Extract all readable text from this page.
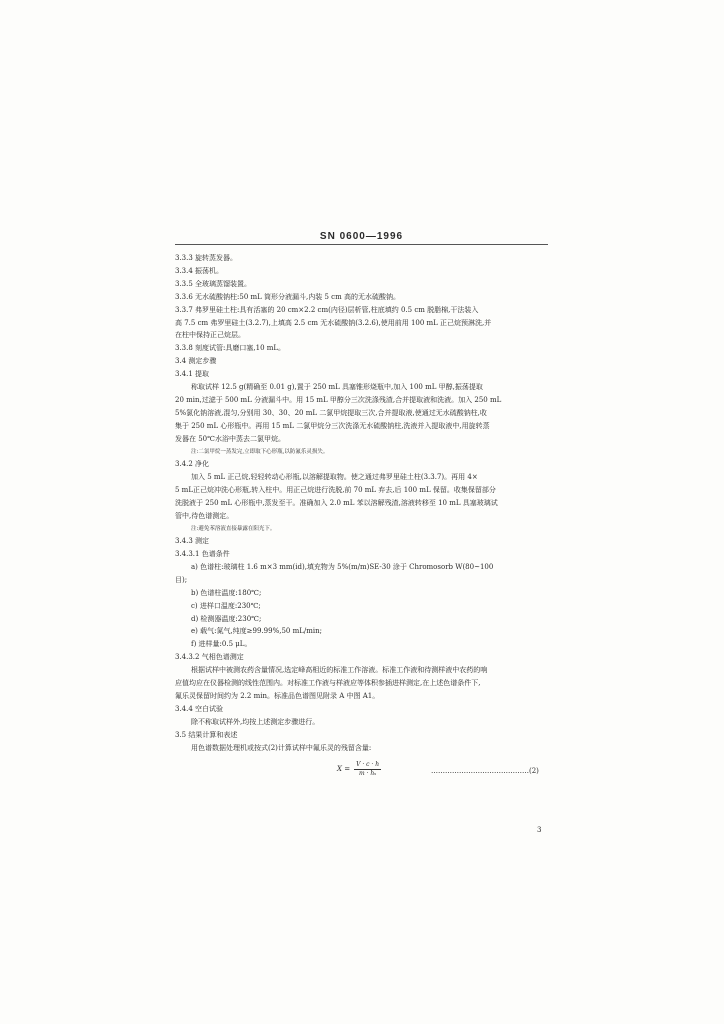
SN 0600—1996
3.3.3 旋转蒸发器。
3.3.4 振荡机。
3.3.5 全玻璃蒸馏装置。
3.3.6 无水硫酸钠柱:50 mL 筒形分液漏斗,内装 5 cm 高的无水硫酸钠。
3.3.7 弗罗里硅土柱:具有活塞的 20 cm×2.2 cm(内径)层析管,柱底填约 0.5 cm 脱脂棉,干法装入
高 7.5 cm 弗罗里硅土(3.2.7),上填高 2.5 cm 无水硫酸钠(3.2.6),使用前用 100 mL 正己烷预淋洗,并
在柱中保持正己烷层。
3.3.8 刻度试管:具磨口塞,10 mL。
3.4 测定步骤
3.4.1 提取
称取试样 12.5 g(精确至 0.01 g),置于 250 mL 具塞锥形烧瓶中,加入 100 mL 甲醇,振荡提取
20 min,过滤于 500 mL 分液漏斗中。用 15 mL 甲醇分三次洗涤残渣,合并提取液和洗液。加入 250 mL
5%氯化钠溶液,混匀,分别用 30、30、20 mL 二氯甲烷提取三次,合并提取液,使通过无水硫酸钠柱,收
集于 250 mL 心形瓶中。再用 15 mL 二氯甲烷分三次洗涤无水硫酸钠柱,洗液并入提取液中,用旋转蒸
发器在 50℃水浴中蒸去二氯甲烷。
注:二氯甲烷一蒸发完,立即取下心形瓶,以防氟乐灵损失。
3.4.2 净化
加入 5 mL 正己烷,轻轻转动心形瓶,以溶解提取物。使之通过弗罗里硅土柱(3.3.7)。再用 4×
5 mL正己烷冲洗心形瓶,转入柱中。用正己烷进行洗脱,前 70 mL 弃去,后 100 mL 保留。收集保留部分
洗脱液于 250 mL 心形瓶中,蒸发至干。准确加入 2.0 mL 苯以溶解残渣,溶液转移至 10 mL 具塞玻璃试
管中,待色谱测定。
注:避免苯溶液直接暴露在阳光下。
3.4.3 测定
3.4.3.1 色谱条件
a) 色谱柱:玻璃柱 1.6 m×3 mm(id),填充物为 5%(m/m)SE-30 涂于 Chromosorb W(80~100
目);
b) 色谱柱温度:180℃;
c) 进样口温度:230℃;
d) 检测器温度:230℃;
e) 载气:氮气,纯度≥99.99%,50 mL/min;
f) 进样量:0.5 μL。
3.4.3.2 气相色谱测定
根据试样中被测农药含量情况,选定峰高相近的标准工作溶液。标准工作液和待测样液中农药的响
应值均应在仪器检测的线性范围内。对标准工作液与样液应等体积参插进样测定,在上述色谱条件下,
氟乐灵保留时间约为 2.2 min。标准品色谱图见附录 A 中图 A1。
3.4.4 空白试验
除不称取试样外,均按上述测定步骤进行。
3.5 结果计算和表述
用色谱数据处理机或按式(2)计算试样中氟乐灵的残留含量:
$X = \frac{V \cdot c \cdot h}{\text{m · hₛ}}$	……………………………………(2)
3
